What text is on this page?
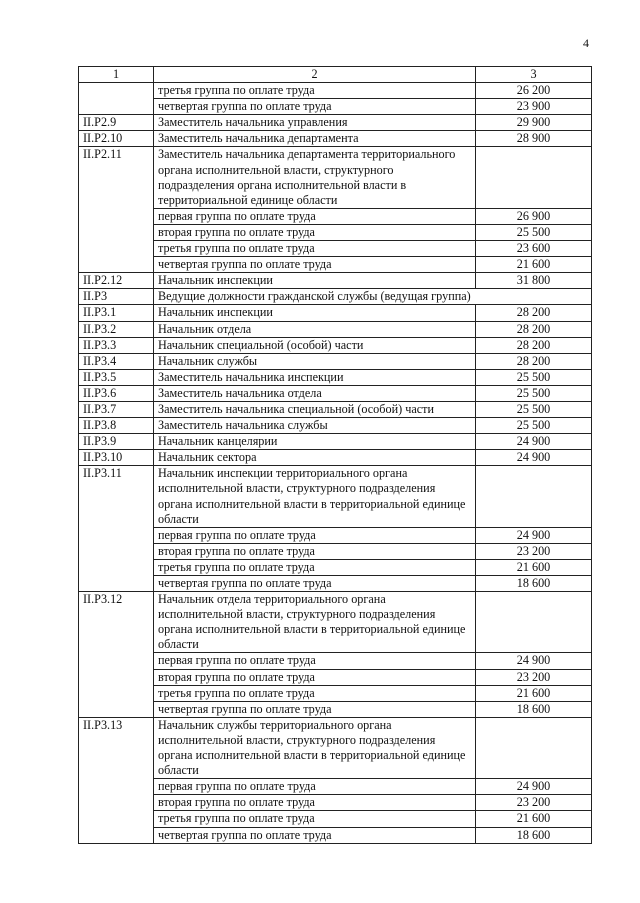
4
1	2	3
	третья группа по оплате труда	26 200
	четвертая группа по оплате труда	23 900
II.Р2.9	Заместитель начальника управления	29 900
II.Р2.10	Заместитель начальника департамента	28 900
II.Р2.11	Заместитель начальника департамента территориального органа исполнительной власти, структурного подразделения органа исполнительной власти в территориальной единице области	
	первая группа по оплате труда	26 900
	вторая группа по оплате труда	25 500
	третья группа по оплате труда	23 600
	четвертая группа по оплате труда	21 600
II.Р2.12	Начальник инспекции	31 800
II.Р3	Ведущие должности гражданской службы (ведущая группа)	
II.Р3.1	Начальник инспекции	28 200
II.Р3.2	Начальник отдела	28 200
II.Р3.3	Начальник специальной (особой) части	28 200
II.Р3.4	Начальник службы	28 200
II.Р3.5	Заместитель начальника инспекции	25 500
II.Р3.6	Заместитель начальника отдела	25 500
II.Р3.7	Заместитель начальника специальной (особой) части	25 500
II.Р3.8	Заместитель начальника службы	25 500
II.Р3.9	Начальник канцелярии	24 900
II.Р3.10	Начальник сектора	24 900
II.Р3.11	Начальник инспекции территориального органа исполнительной власти, структурного подразделения органа исполнительной власти в территориальной единице области	
	первая группа по оплате труда	24 900
	вторая группа по оплате труда	23 200
	третья группа по оплате труда	21 600
	четвертая группа по оплате труда	18 600
II.Р3.12	Начальник отдела территориального органа исполнительной власти, структурного подразделения органа исполнительной власти в территориальной единице области	
	первая группа по оплате труда	24 900
	вторая группа по оплате труда	23 200
	третья группа по оплате труда	21 600
	четвертая группа по оплате труда	18 600
II.Р3.13	Начальник службы территориального органа исполнительной власти, структурного подразделения органа исполнительной власти в территориальной единице области	
	первая группа по оплате труда	24 900
	вторая группа по оплате труда	23 200
	третья группа по оплате труда	21 600
	четвертая группа по оплате труда	18 600
